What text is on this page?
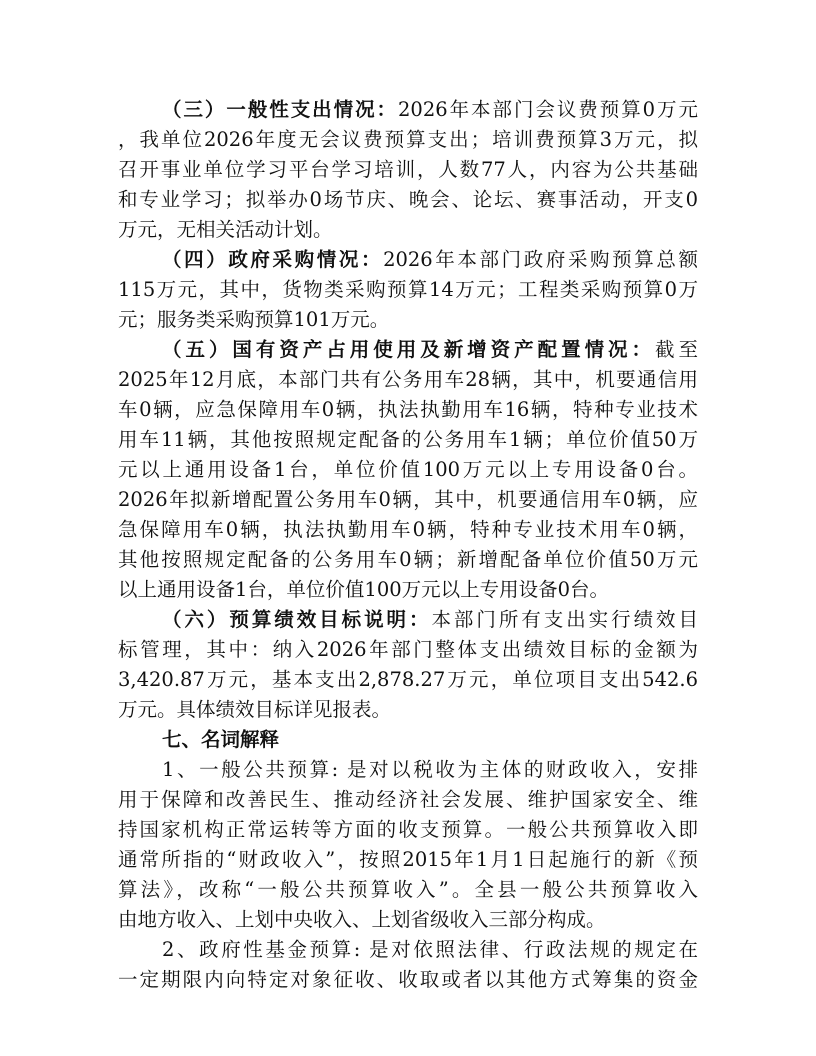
（三）一般性支出情况：2026年本部门会议费预算0万元
，我单位2026年度无会议费预算支出；培训费预算3万元，拟
召开事业单位学习平台学习培训，人数77人，内容为公共基础
和专业学习；拟举办0场节庆、晚会、论坛、赛事活动，开支0
万元，无相关活动计划。
（四）政府采购情况：2026年本部门政府采购预算总额
115万元，其中，货物类采购预算14万元；工程类采购预算0万
元；服务类采购预算101万元。
（五）国有资产占用使用及新增资产配置情况：截至
2025年12月底，本部门共有公务用车28辆，其中，机要通信用
车0辆，应急保障用车0辆，执法执勤用车16辆，特种专业技术
用车11辆，其他按照规定配备的公务用车1辆；单位价值50万
元以上通用设备1台，单位价值100万元以上专用设备0台。
2026年拟新增配置公务用车0辆，其中，机要通信用车0辆，应
急保障用车0辆，执法执勤用车0辆，特种专业技术用车0辆，
其他按照规定配备的公务用车0辆；新增配备单位价值50万元
以上通用设备1台，单位价值100万元以上专用设备0台。
（六）预算绩效目标说明：本部门所有支出实行绩效目
标管理，其中：纳入2026年部门整体支出绩效目标的金额为
3,420.87万元，基本支出2,878.27万元，单位项目支出542.6
万元。具体绩效目标详见报表。
七、名词解释
1、一般公共预算: 是对以税收为主体的财政收入，安排
用于保障和改善民生、推动经济社会发展、维护国家安全、维
持国家机构正常运转等方面的收支预算。一般公共预算收入即
通常所指的“财政收入”，按照2015年1月1日起施行的新《预
算法》，改称“一般公共预算收入”。全县一般公共预算收入
由地方收入、上划中央收入、上划省级收入三部分构成。
2、政府性基金预算: 是对依照法律、行政法规的规定在
一定期限内向特定对象征收、收取或者以其他方式筹集的资金
